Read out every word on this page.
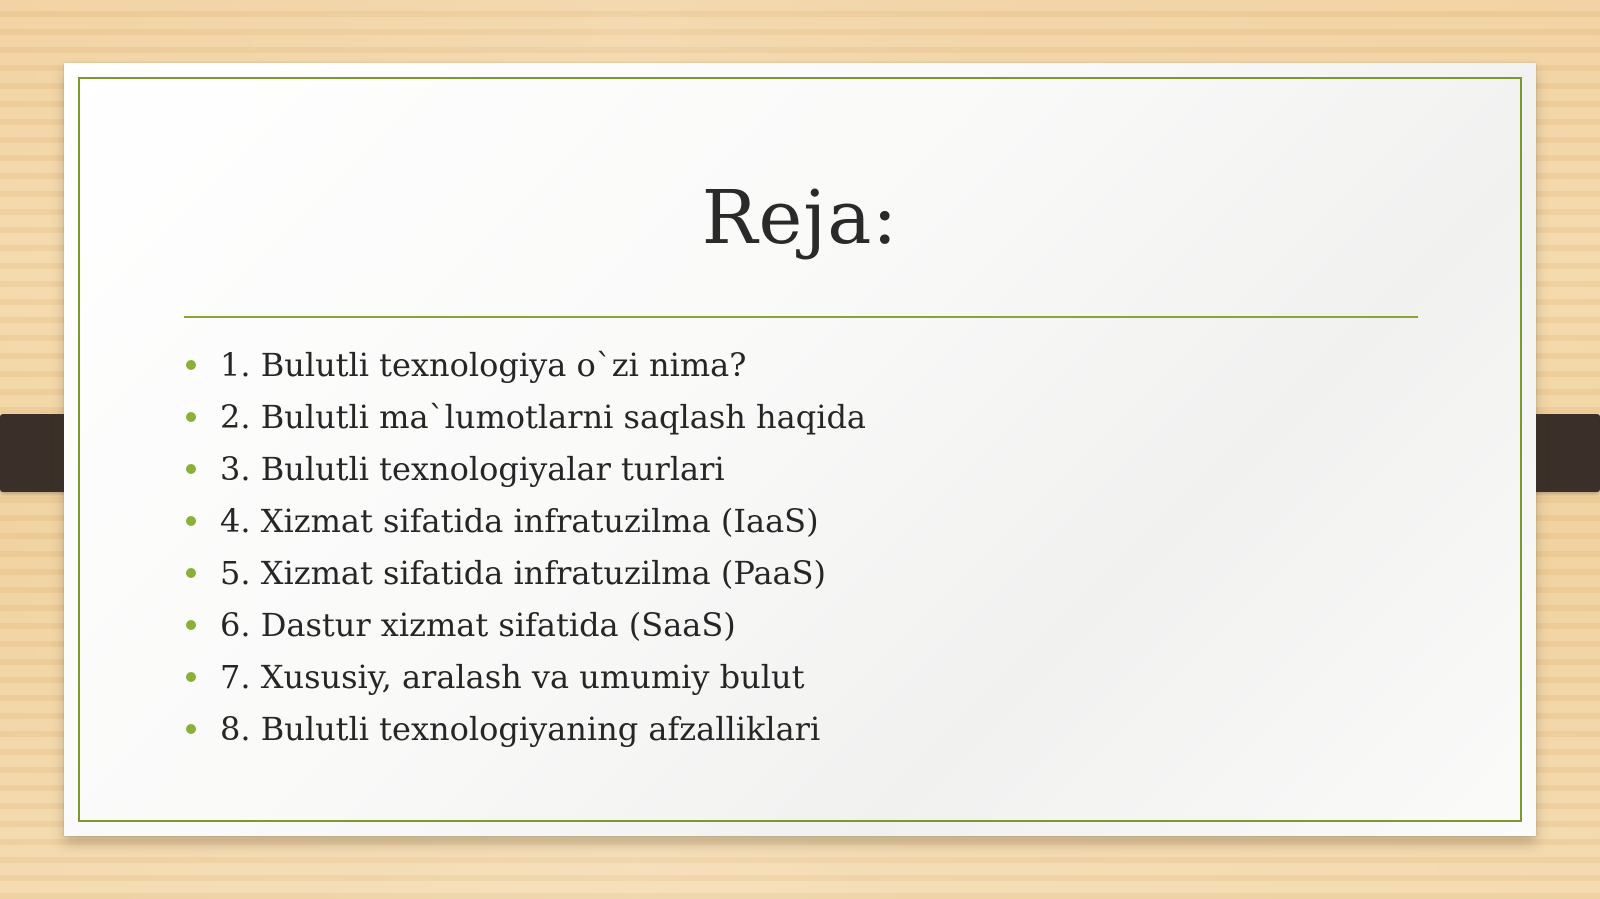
Reja:
1. Bulutli texnologiya o`zi nima?
2. Bulutli ma`lumotlarni saqlash haqida
3. Bulutli texnologiyalar turlari
4. Xizmat sifatida infratuzilma (IaaS)
5. Xizmat sifatida infratuzilma (PaaS)
6. Dastur xizmat sifatida (SaaS)
7. Xususiy, aralash va umumiy bulut
8. Bulutli texnologiyaning afzalliklari
